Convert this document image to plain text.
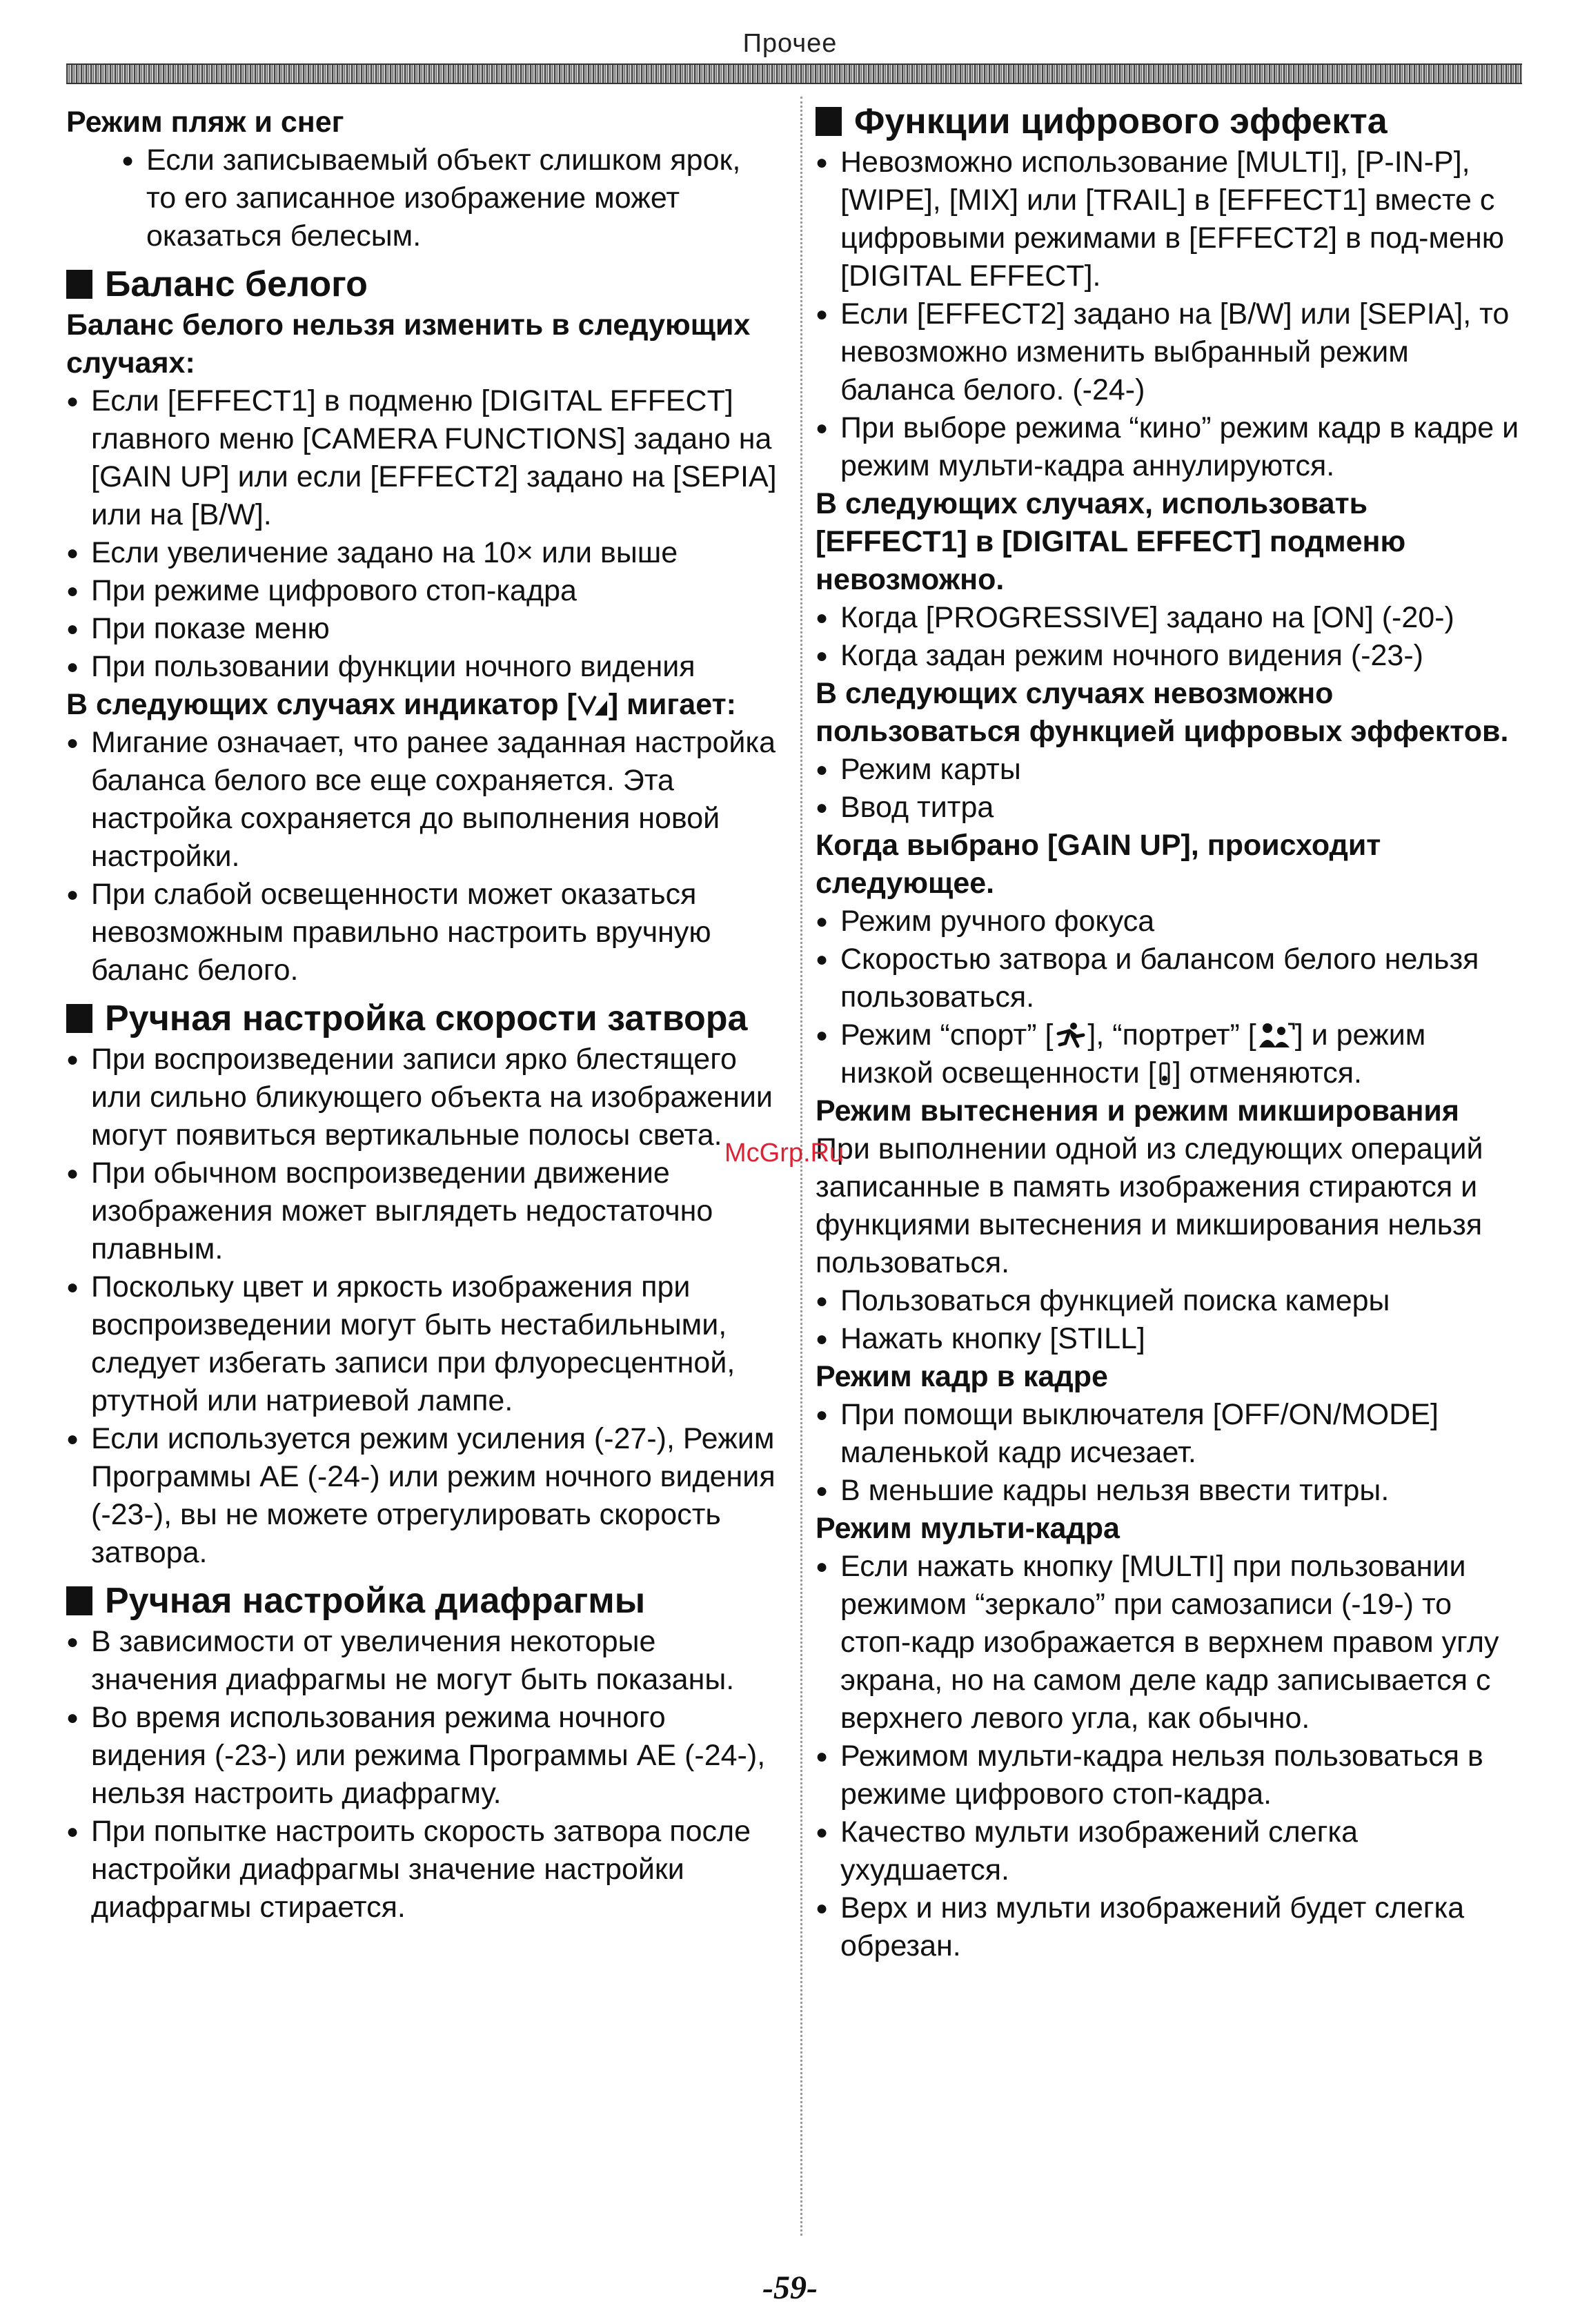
Прочее
Режим пляж и снег
● Если записываемый объект слишком ярок, то его записанное изображение может оказаться белесым.
Баланс белого
Баланс белого нельзя изменить в следующих случаях:
● Если [EFFECT1] в подменю [DIGITAL EFFECT] главного меню [CAMERA FUNCTIONS] задано на [GAIN UP] или если [EFFECT2] задано на [SEPIA] или на [B/W].
● Если увеличение задано на 10× или выше
● При режиме цифрового стоп-кадра
● При показе меню
● При пользовании функции ночного видения
В следующих случаях индикатор [ ] мигает:
● Мигание означает, что ранее заданная настройка баланса белого все еще сохраняется. Эта настройка сохраняется до выполнения новой настройки.
● При слабой освещенности может оказаться невозможным правильно настроить вручную баланс белого.
Ручная настройка скорости затвора
● При воспроизведении записи ярко блестящего или сильно бликующего объекта на изображении могут появиться вертикальные полосы света.
● При обычном воспроизведении движение изображения может выглядеть недостаточно плавным.
● Поскольку цвет и яркость изображения при воспроизведении могут быть нестабильными, следует избегать записи при флуоресцентной, ртутной или натриевой лампе.
● Если используется режим усиления (-27-), Режим Программы АЕ (-24-) или режим ночного видения (-23-), вы не можете отрегулировать скорость затвора.
Ручная настройка диафрагмы
● В зависимости от увеличения некоторые значения диафрагмы не могут быть показаны.
● Во время использования режима ночного видения (-23-) или режима Программы АЕ (-24-), нельзя настроить диафрагму.
● При попытке настроить скорость затвора после настройки диафрагмы значение настройки диафрагмы стирается.
Функции цифрового эффекта
● Невозможно использование [MULTI], [P-IN-P], [WIPE], [MIX] или [TRAIL] в [EFFECT1] вместе с цифровыми режимами в [EFFECT2] в под-меню [DIGITAL EFFECT].
● Если [EFFECT2] задано на [B/W] или [SEPIA], то невозможно изменить выбранный режим баланса белого. (-24-)
● При выборе режима “кино” режим кадр в кадре и режим мульти-кадра аннулируются.
В следующих случаях, использовать [EFFECT1] в [DIGITAL EFFECT] подменю невозможно.
● Когда [PROGRESSIVE] задано на [ON] (-20-)
● Когда задан режим ночного видения (-23-)
В следующих случаях невозможно пользоваться функцией цифровых эффектов.
● Режим карты
● Ввод титра
Когда выбрано [GAIN UP], происходит следующее.
● Режим ручного фокуса
● Скоростью затвора и балансом белого нельзя пользоваться.
● Режим “спорт” [ ], “портрет” [ ] и режим низкой освещенности [ ] отменяются.
Режим вытеснения и режим микширования
При выполнении одной из следующих операций записанные в память изображения стираются и функциями вытеснения и микширования нельзя пользоваться.
● Пользоваться функцией поиска камеры
● Нажать кнопку [STILL]
Режим кадр в кадре
● При помощи выключателя [OFF/ON/MODE] маленькой кадр исчезает.
● В меньшие кадры нельзя ввести титры.
Режим мульти-кадра
● Если нажать кнопку [MULTI] при пользовании режимом “зеркало” при самозаписи (-19-) то стоп-кадр изображается в верхнем правом углу экрана, но на самом деле кадр записывается с верхнего левого угла, как обычно.
● Режимом мульти-кадра нельзя пользоваться в режиме цифрового стоп-кадра.
● Качество мульти изображений слегка ухудшается.
● Верх и низ мульти изображений будет слегка обрезан.
McGrp.Ru
-59-
